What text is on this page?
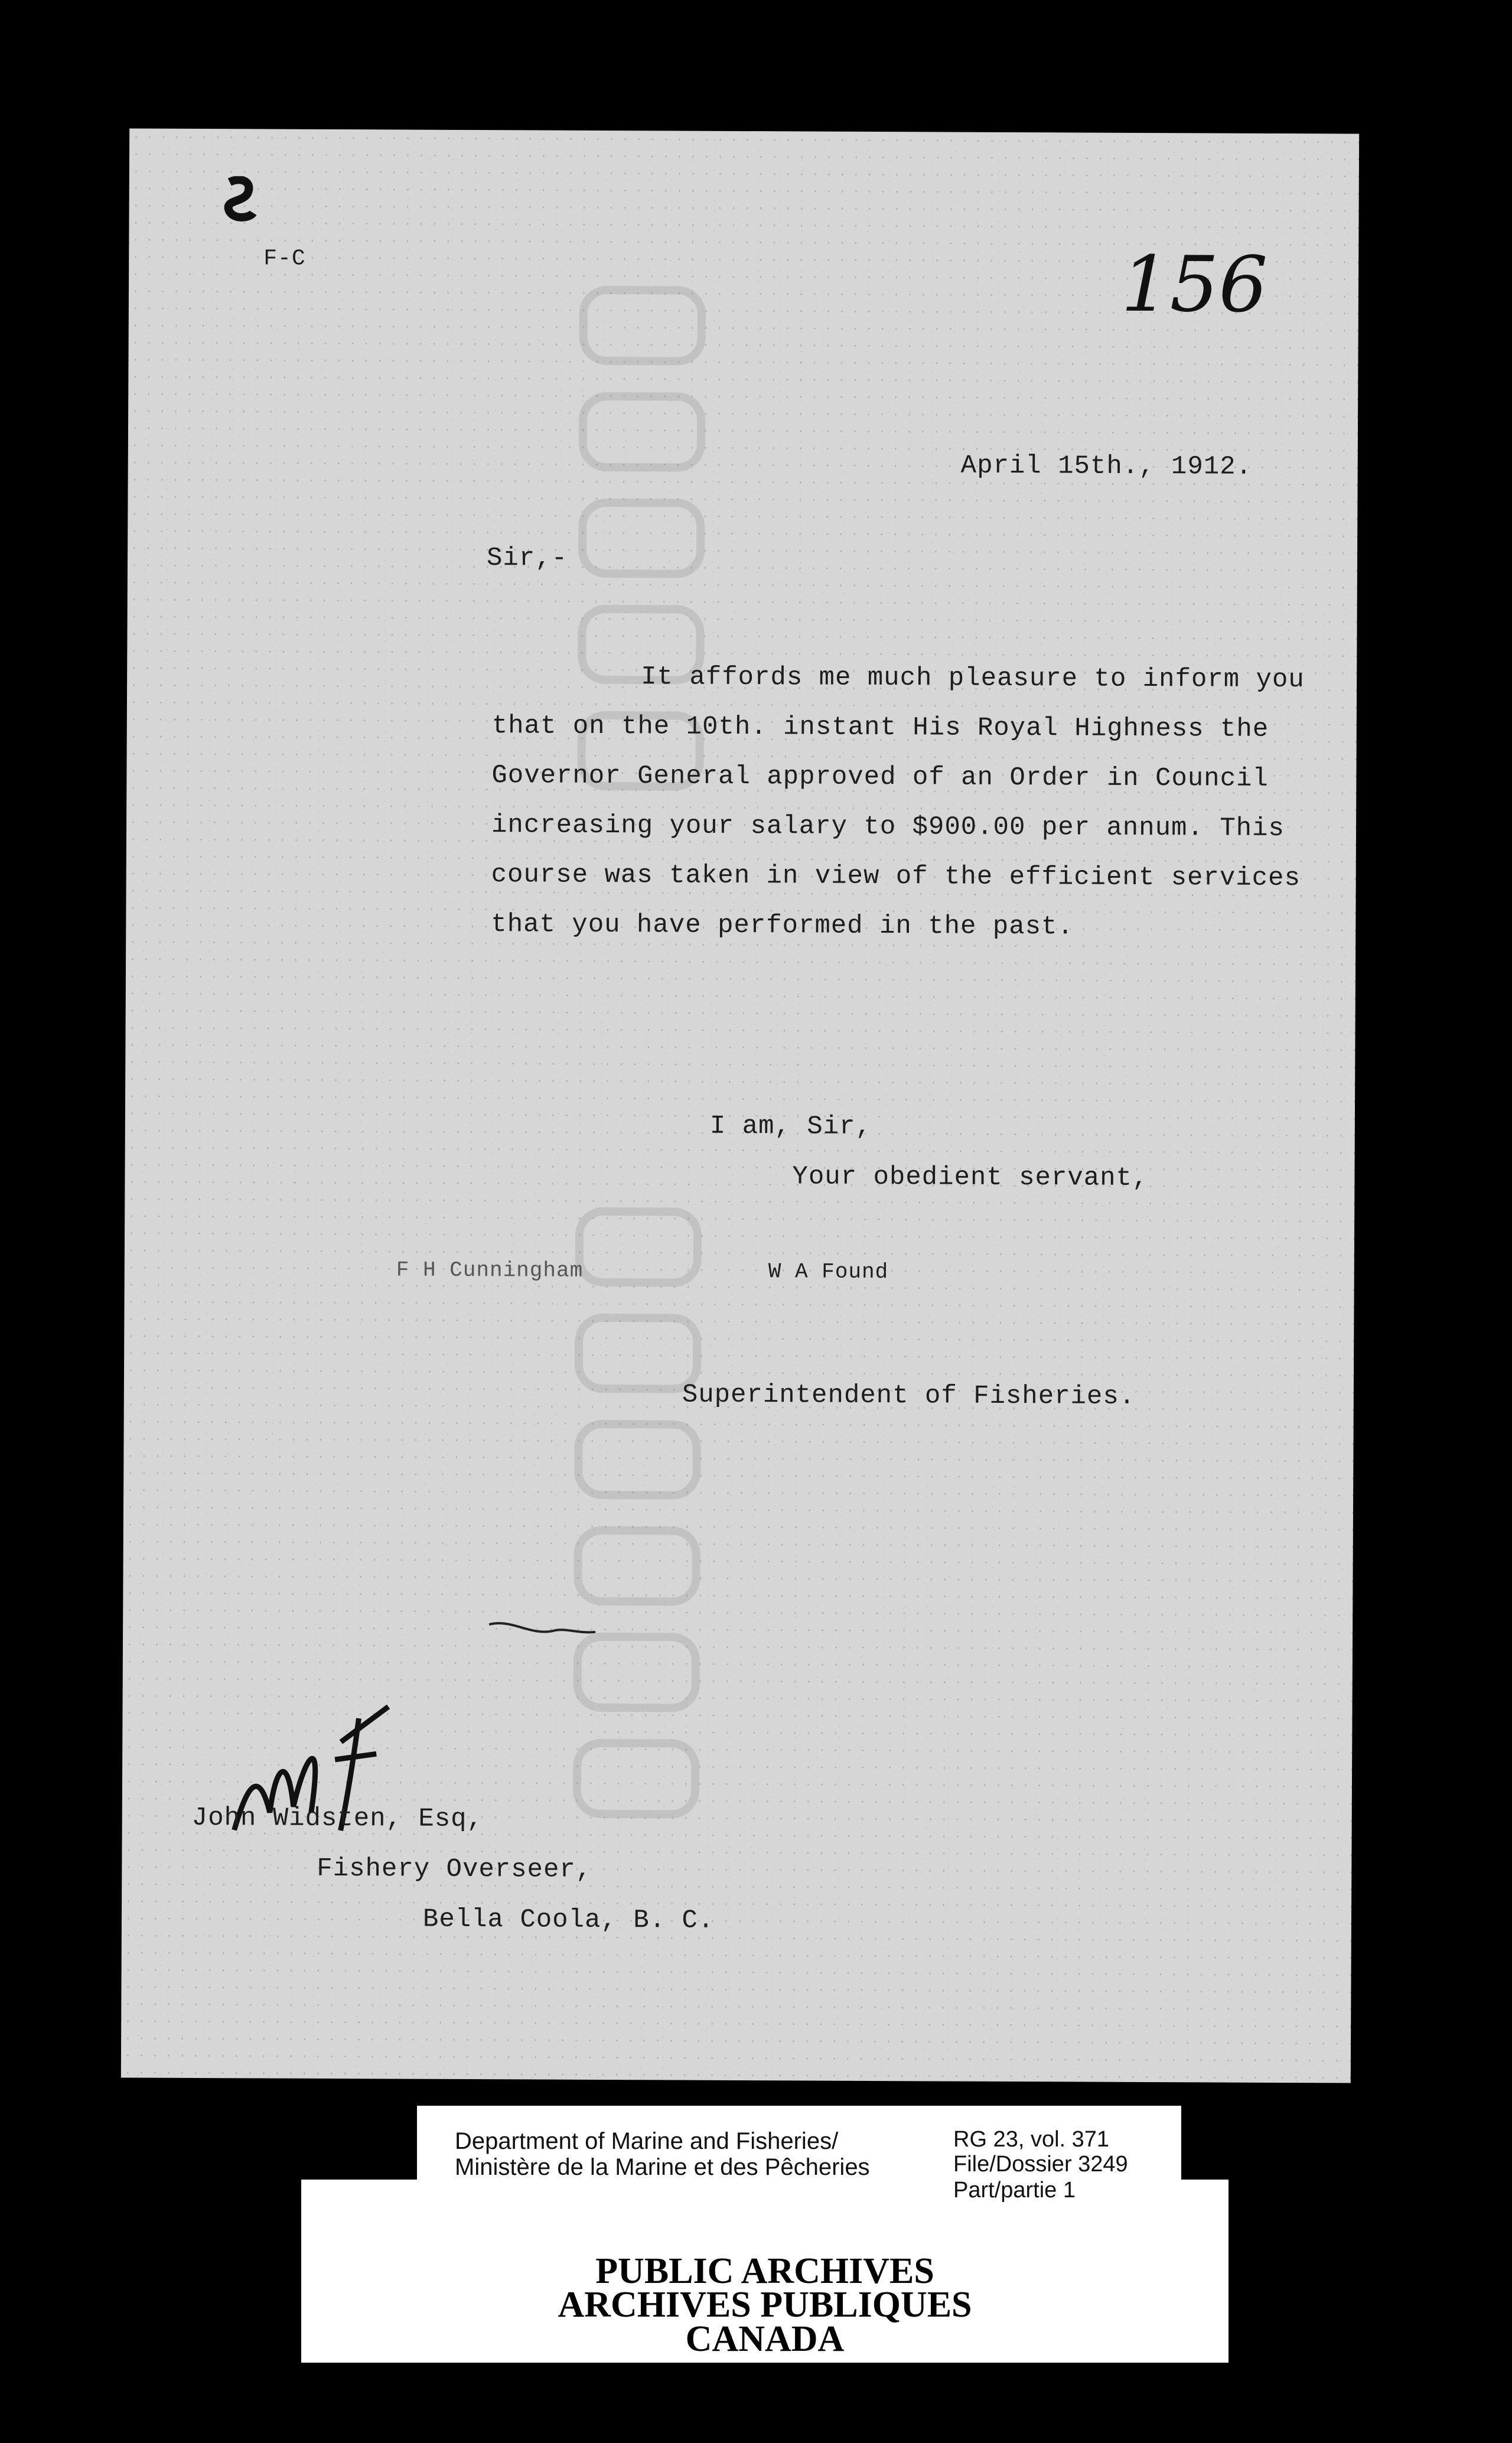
F-C	156
April 15th., 1912.
Sir,-
It affords me much pleasure to inform you
that on the 10th. instant His Royal Highness the
Governor General approved of an Order in Council
increasing your salary to $900.00 per annum. This
course was taken in view of the efficient services
that you have performed in the past.
I am, Sir,
Your obedient servant,
F H Cunningham	W A Found
Superintendent of Fisheries.
John Widsten, Esq,
Fishery Overseer,
Bella Coola, B. C.
PUBLIC ARCHIVES
ARCHIVES PUBLIQUES
CANADA
Department of Marine and Fisheries/
Ministère de la Marine et des Pêcheries
RG 23, vol. 371
File/Dossier 3249
Part/partie 1
